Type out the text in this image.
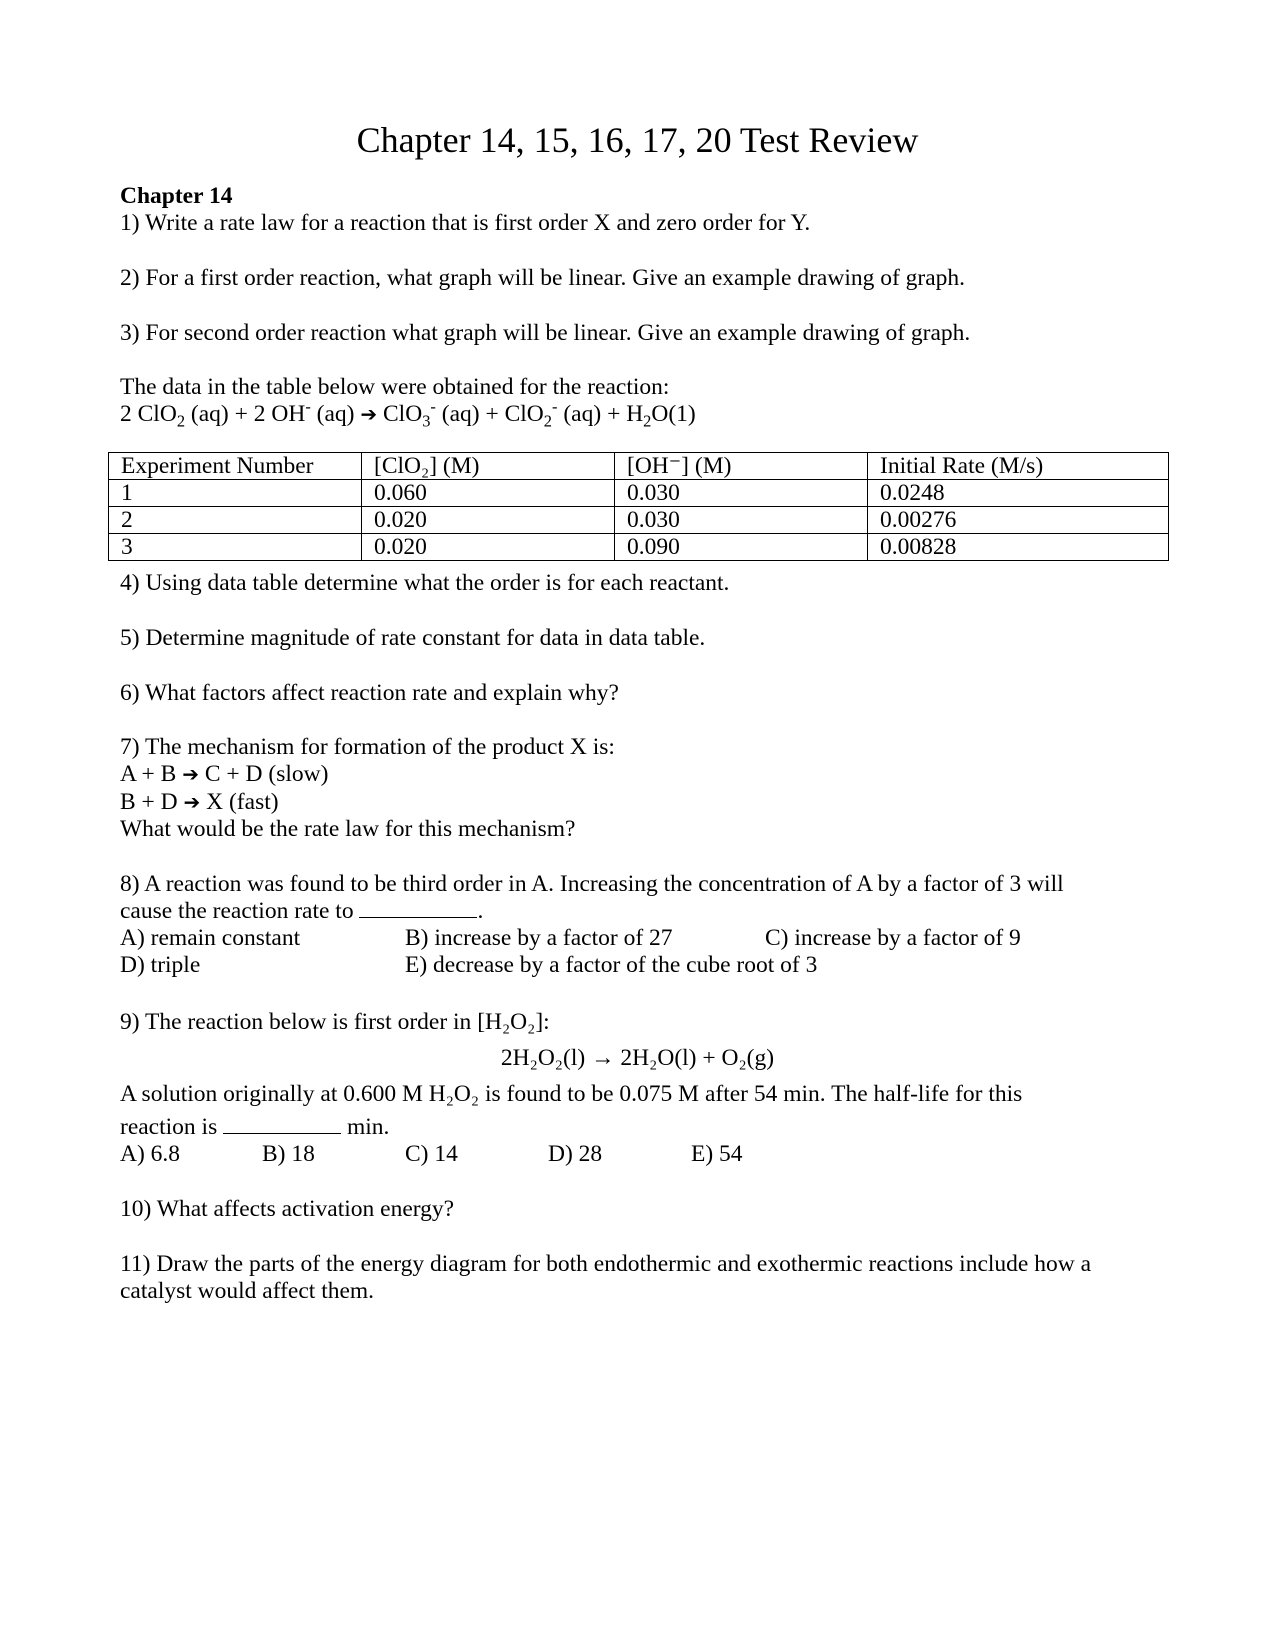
Chapter 14, 15, 16, 17, 20 Test Review
Chapter 14
1) Write a rate law for a reaction that is first order X and zero order for Y.
2) For a first order reaction, what graph will be linear. Give an example drawing of graph.
3) For second order reaction what graph will be linear. Give an example drawing of graph.
The data in the table below were obtained for the reaction:
2 ClO$_2$ (aq) + 2 OH- (aq) ➔ ClO$_3$- (aq) + ClO$_2$- $(aq) + H_2O(1)$
Experiment Number	[ClO₂] (M)	[OH⁻] (M)	Initial Rate (M/s)
1	0.060	0.030	0.0248
2	0.020	0.030	0.00276
3	0.020	0.090	0.00828
4) Using data table determine what the order is for each reactant.
5) Determine magnitude of rate constant for data in data table.
6) What factors affect reaction rate and explain why?
7) The mechanism for formation of the product X is:
A + B ➔ C + D (slow)
B + D ➔ X (fast)
What would be the rate law for this mechanism?
8) A reaction was found to be third order in A. Increasing the concentration of A by a factor of 3 will
cause the reaction rate to	.
A) remain constant	B) increase by a factor of 27	C) increase by a factor of 9
D) triple	E) decrease by a factor of the cube root of 3
9) The reaction below is first order in [H₂O₂]:
2H₂O₂(l) → 2H₂O(l) + O₂(g)
A solution originally at 0.600 M H₂O₂ is found to be 0.075 M after 54 min. The half-life for this
reaction is	min.
A) 6.8	B) 18	C) 14	D) 28	E) 54
10) What affects activation energy?
11) Draw the parts of the energy diagram for both endothermic and exothermic reactions include how a
catalyst would affect them.
